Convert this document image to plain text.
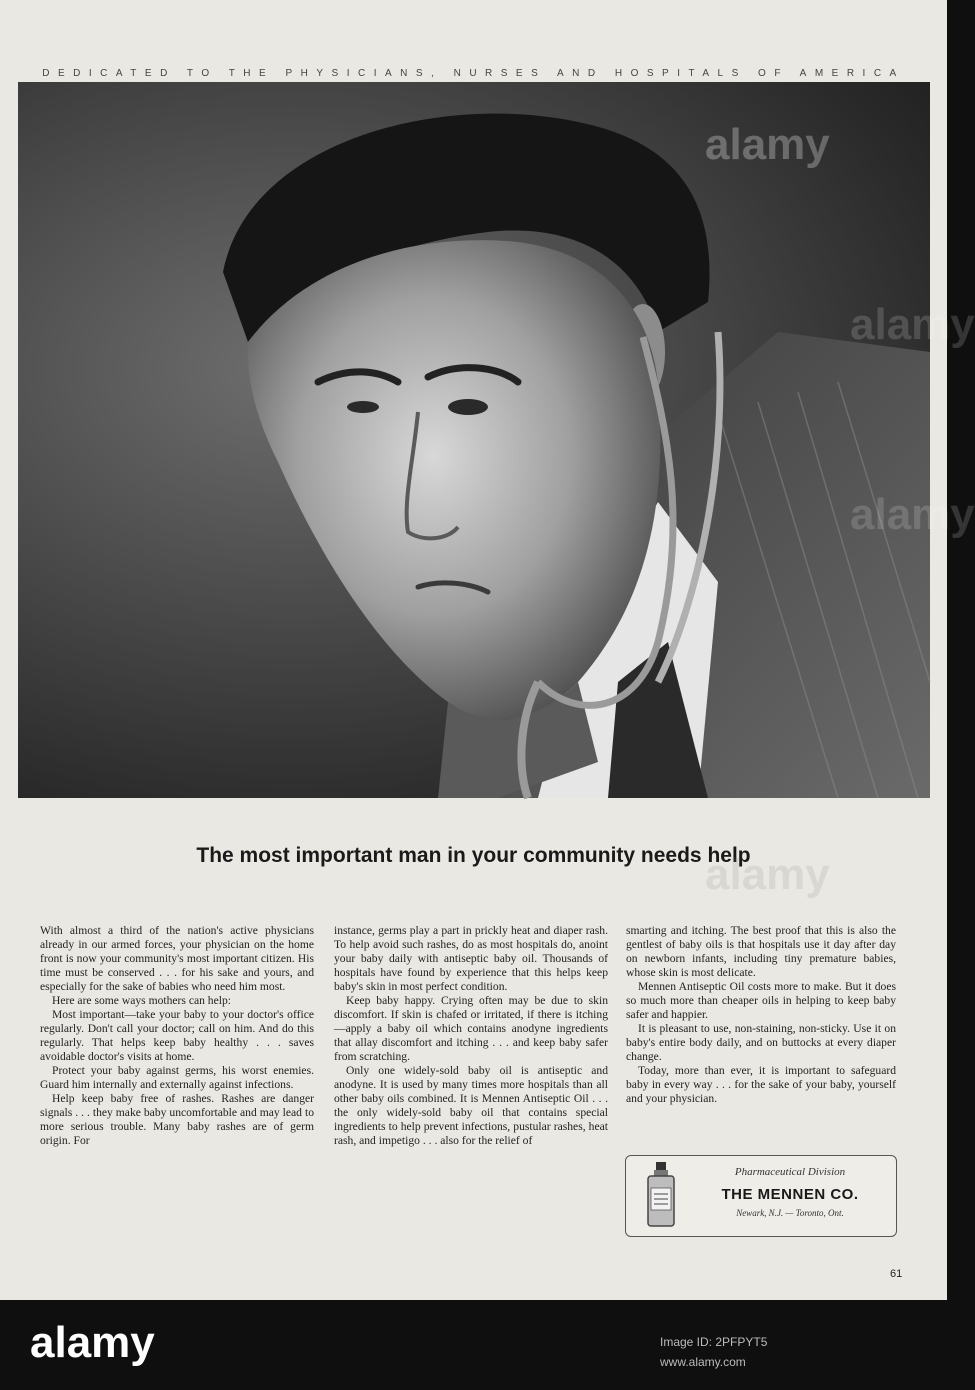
DEDICATED TO THE PHYSICIANS, NURSES AND HOSPITALS OF AMERICA
The most important man in your community needs help

With almost a third of the nation's active physicians already in our armed forces, your physician on the home front is now your community's most important citizen. His time must be conserved . . . for his sake and yours, and especially for the sake of babies who need him most.

Here are some ways mothers can help:

Most important—take your baby to your doctor's office regularly. Don't call your doctor; call on him. And do this regularly. That helps keep baby healthy . . . saves avoidable doctor's visits at home.

Protect your baby against germs, his worst enemies. Guard him internally and externally against infections.

Help keep baby free of rashes. Rashes are danger signals . . . they make baby uncomfortable and may lead to more serious trouble. Many baby rashes are of germ origin. For

instance, germs play a part in prickly heat and diaper rash. To help avoid such rashes, do as most hospitals do, anoint your baby daily with antiseptic baby oil. Thousands of hospitals have found by experience that this helps keep baby's skin in most perfect condition.

Keep baby happy. Crying often may be due to skin discomfort. If skin is chafed or irritated, if there is itching—apply a baby oil which contains anodyne ingredients that allay discomfort and itching . . . and keep baby safer from scratching.

Only one widely-sold baby oil is antiseptic and anodyne. It is used by many times more hospitals than all other baby oils combined. It is Mennen Antiseptic Oil . . . the only widely-sold baby oil that contains special ingredients to help prevent infections, pustular rashes, heat rash, and impetigo . . . also for the relief of

smarting and itching. The best proof that this is also the gentlest of baby oils is that hospitals use it day after day on newborn infants, including tiny premature babies, whose skin is most delicate.

Mennen Antiseptic Oil costs more to make. But it does so much more than cheaper oils in helping to keep baby safer and happier.

It is pleasant to use, non-staining, non-sticky. Use it on baby's entire body daily, and on buttocks at every diaper change.

Today, more than ever, it is important to safeguard baby in every way . . . for the sake of your baby, yourself and your physician.

Pharmaceutical Division
THE MENNEN CO.
Newark, N.J. — Toronto, Ont.
61
alamy
alamy
alamy
alamy
alamy	Image ID: 2PFPYT5
www.alamy.com
